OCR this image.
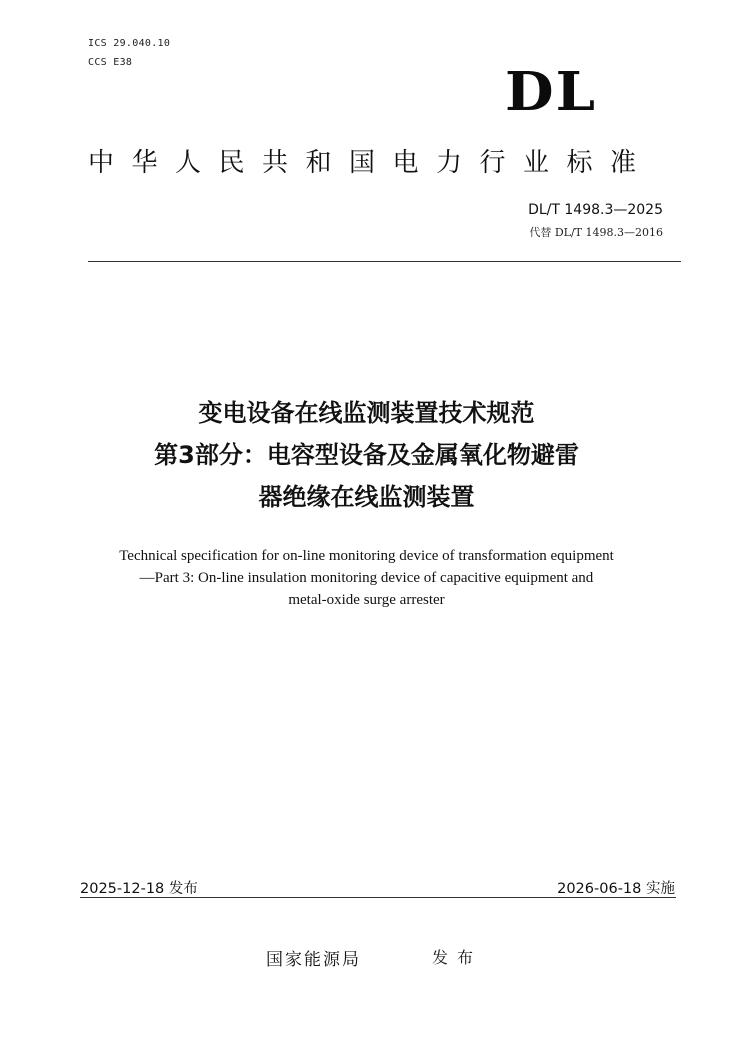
ICS 29.040.10
CCS E38	DL
中华人民共和国电力行业标准
DL/T 1498.3—2025
代替 DL/T 1498.3—2016
变电设备在线监测装置技术规范
第3部分：电容型设备及金属氧化物避雷
器绝缘在线监测装置
Technical specification for on-line monitoring device of transformation equipment
—Part 3: On-line insulation monitoring device of capacitive equipment and
metal-oxide surge arrester
2025-12-18 发布	2026-06-18 实施
国家能源局	发布
